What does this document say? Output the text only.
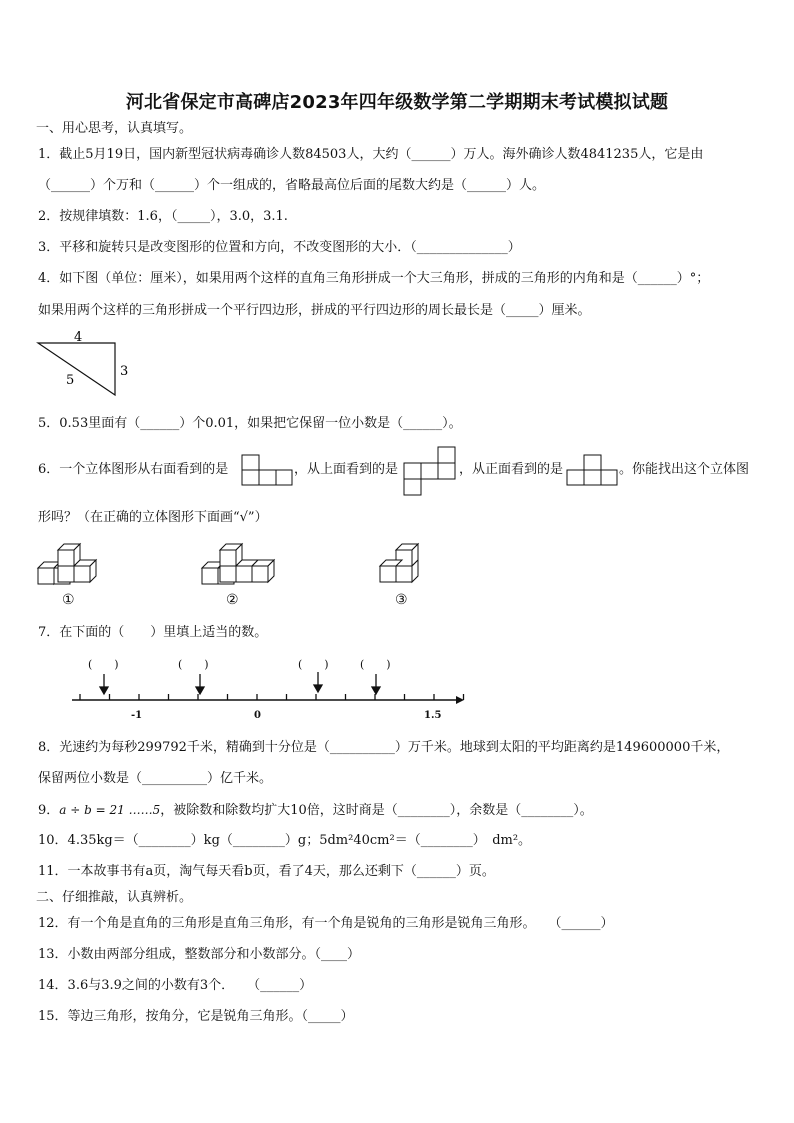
河北省保定市高碑店2023年四年级数学第二学期期末考试模拟试题
一、用心思考，认真填写。
1．截止5月19日，国内新型冠状病毒确诊人数84503人，大约（______）万人。海外确诊人数4841235人，它是由
（______）个万和（______）个一组成的，省略最高位后面的尾数大约是（______）人。
2．按规律填数：1.6，（_____），3.0，3.1.
3．平移和旋转只是改变图形的位置和方向，不改变图形的大小．（______________）
4．如下图（单位：厘米），如果用两个这样的直角三角形拼成一个大三角形，拼成的三角形的内角和是（______）°；
如果用两个这样的三角形拼成一个平行四边形，拼成的平行四边形的周长最长是（_____）厘米。
4
5
3
5．0.53里面有（______）个0.01，如果把它保留一位小数是（______）。
6．一个立体图形从右面看到的是	，从上面看到的是	，从正面看到的是	。你能找出这个立体图
形吗？（在正确的立体图形下面画“√”）
①	②	③
7．在下面的（　　）里填上适当的数。
-1	0	1.5
(　　)	(　　)	(　　)	(　　)
8．光速约为每秒299792千米，精确到十分位是（__________）万千米。地球到太阳的平均距离约是149600000千米，
保留两位小数是（__________）亿千米。
9．a ÷ b = 21 ……5，被除数和除数均扩大10倍，这时商是（________），余数是（________）。
10．4.35kg＝（________）kg（________）g；5dm²40cm²＝（________）　dm²。
11．一本故事书有a页，淘气每天看b页，看了4天，那么还剩下（______）页。
二、仔细推敲，认真辨析。
12．有一个角是直角的三角形是直角三角形，有一个角是锐角的三角形是锐角三角形。　　（______）
13．小数由两部分组成，整数部分和小数部分。（____）
14．3.6与3.9之间的小数有3个．　　（______）
15．等边三角形，按角分，它是锐角三角形。（_____）
